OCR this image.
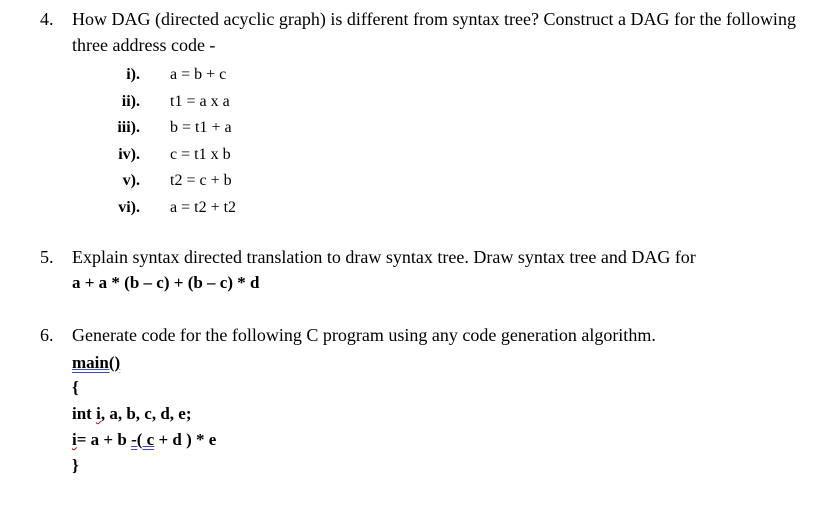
4. How DAG (directed acyclic graph) is different from syntax tree? Construct a DAG for the following three address code -
i). a = b + c
ii). t1 = a x a
iii). b = t1 + a
iv). c = t1 x b
v). t2 = c + b
vi). a = t2 + t2
5. Explain syntax directed translation to draw syntax tree. Draw syntax tree and DAG for
a + a * (b – c) + (b – c) * d
6. Generate code for the following C program using any code generation algorithm.
main()
{
int i, a, b, c, d, e;
i= a + b -( c + d ) * e
}
